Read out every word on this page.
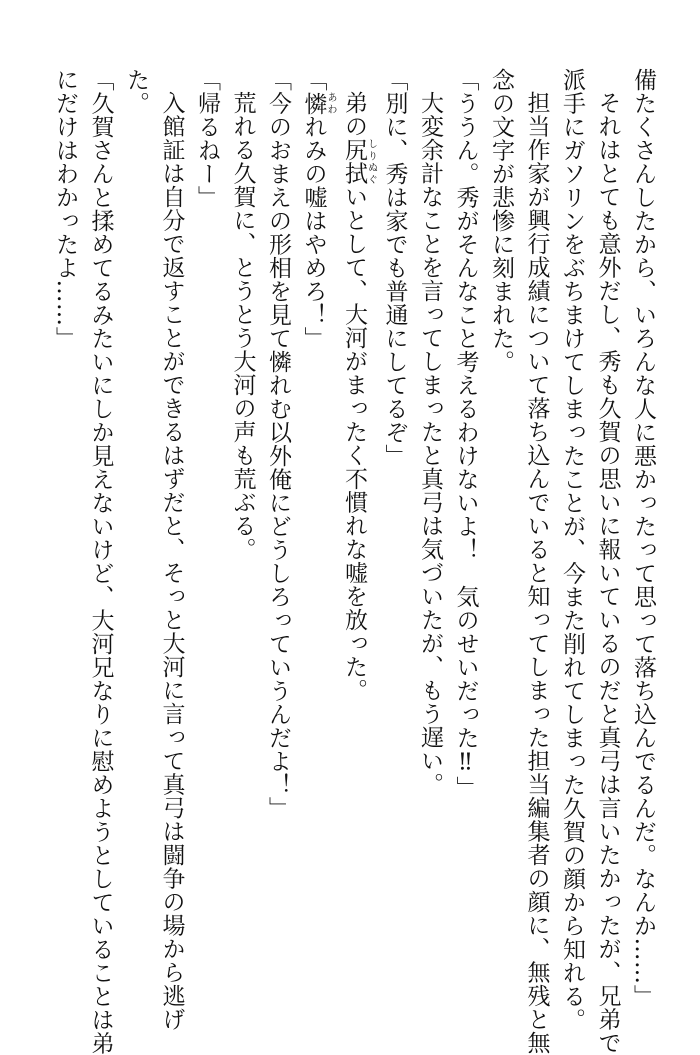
備たくさんしたから、いろんな人に悪かったって思って落ち込んでるんだ。なんか……」
それはとても意外だし、秀も久賀の思いに報いているのだと真弓は言いたかったが、兄弟で
派手にガソリンをぶちまけてしまったことが、今また削れてしまった久賀の顔から知れる。
担当作家が興行成績について落ち込んでいると知ってしまった担当編集者の顔に、無残と無
念の文字が悲惨に刻まれた。
「ううん。秀がそんなこと考えるわけないよ！　気のせいだった‼」
大変余計なことを言ってしまったと真弓は気づいたが、もう遅い。
「別に、秀は家でも普通にしてるぞ」
弟の尻拭しりぬぐいとして、大河がまったく不慣れな嘘を放った。
「憐あわれみの嘘はやめろ！」
「今のおまえの形相を見て憐れむ以外俺にどうしろっていうんだよ！」
荒れる久賀に、とうとう大河の声も荒ぶる。
「帰るねー」
入館証は自分で返すことができるはずだと、そっと大河に言って真弓は闘争の場から逃げ
た。
「久賀さんと揉めてるみたいにしか見えないけど、大河兄なりに慰めようとしていることは弟
にだけはわかったよ……」
